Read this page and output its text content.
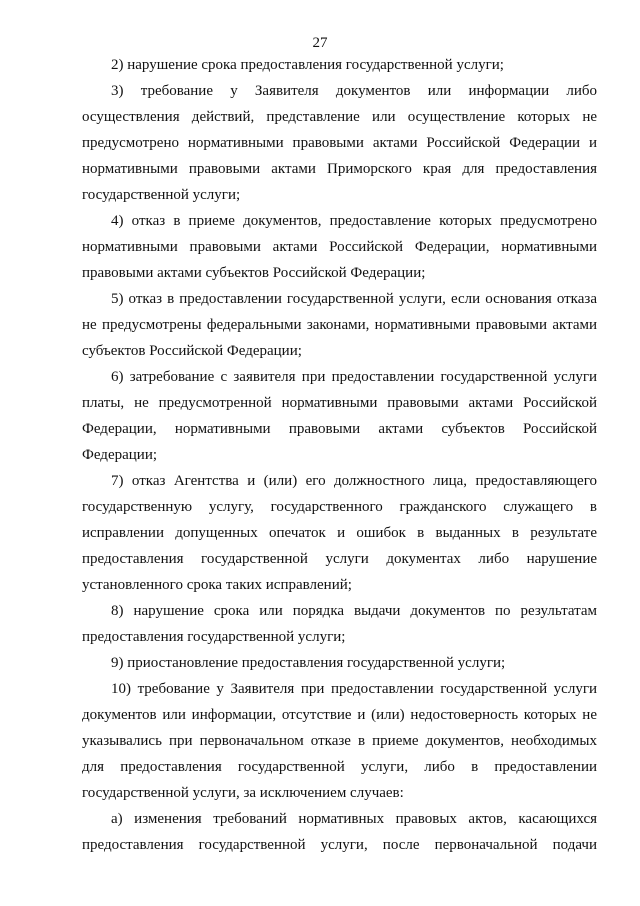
27

2) нарушение срока предоставления государственной услуги;

3) требование у Заявителя документов или информации либо

осуществления действий, представление или осуществление которых не

предусмотрено нормативными правовыми актами Российской Федерации и

нормативными правовыми актами Приморского края для предоставления

государственной услуги;

4) отказ в приеме документов, предоставление которых предусмотрено

нормативными правовыми актами Российской Федерации, нормативными

правовыми актами субъектов Российской Федерации;

5) отказ в предоставлении государственной услуги, если основания отказа

не предусмотрены федеральными законами, нормативными правовыми актами

субъектов Российской Федерации;

6) затребование с заявителя при предоставлении государственной услуги

платы, не предусмотренной нормативными правовыми актами Российской

Федерации, нормативными правовыми актами субъектов Российской

Федерации;

7) отказ Агентства и (или) его должностного лица, предоставляющего

государственную услугу, государственного гражданского служащего в

исправлении допущенных опечаток и ошибок в выданных в результате

предоставления государственной услуги документах либо нарушение

установленного срока таких исправлений;

8) нарушение срока или порядка выдачи документов по результатам

предоставления государственной услуги;

9) приостановление предоставления государственной услуги;

10) требование у Заявителя при предоставлении государственной услуги

документов или информации, отсутствие и (или) недостоверность которых не

указывались при первоначальном отказе в приеме документов, необходимых

для предоставления государственной услуги, либо в предоставлении

государственной услуги, за исключением случаев:

а) изменения требований нормативных правовых актов, касающихся

предоставления государственной услуги, после первоначальной подачи
